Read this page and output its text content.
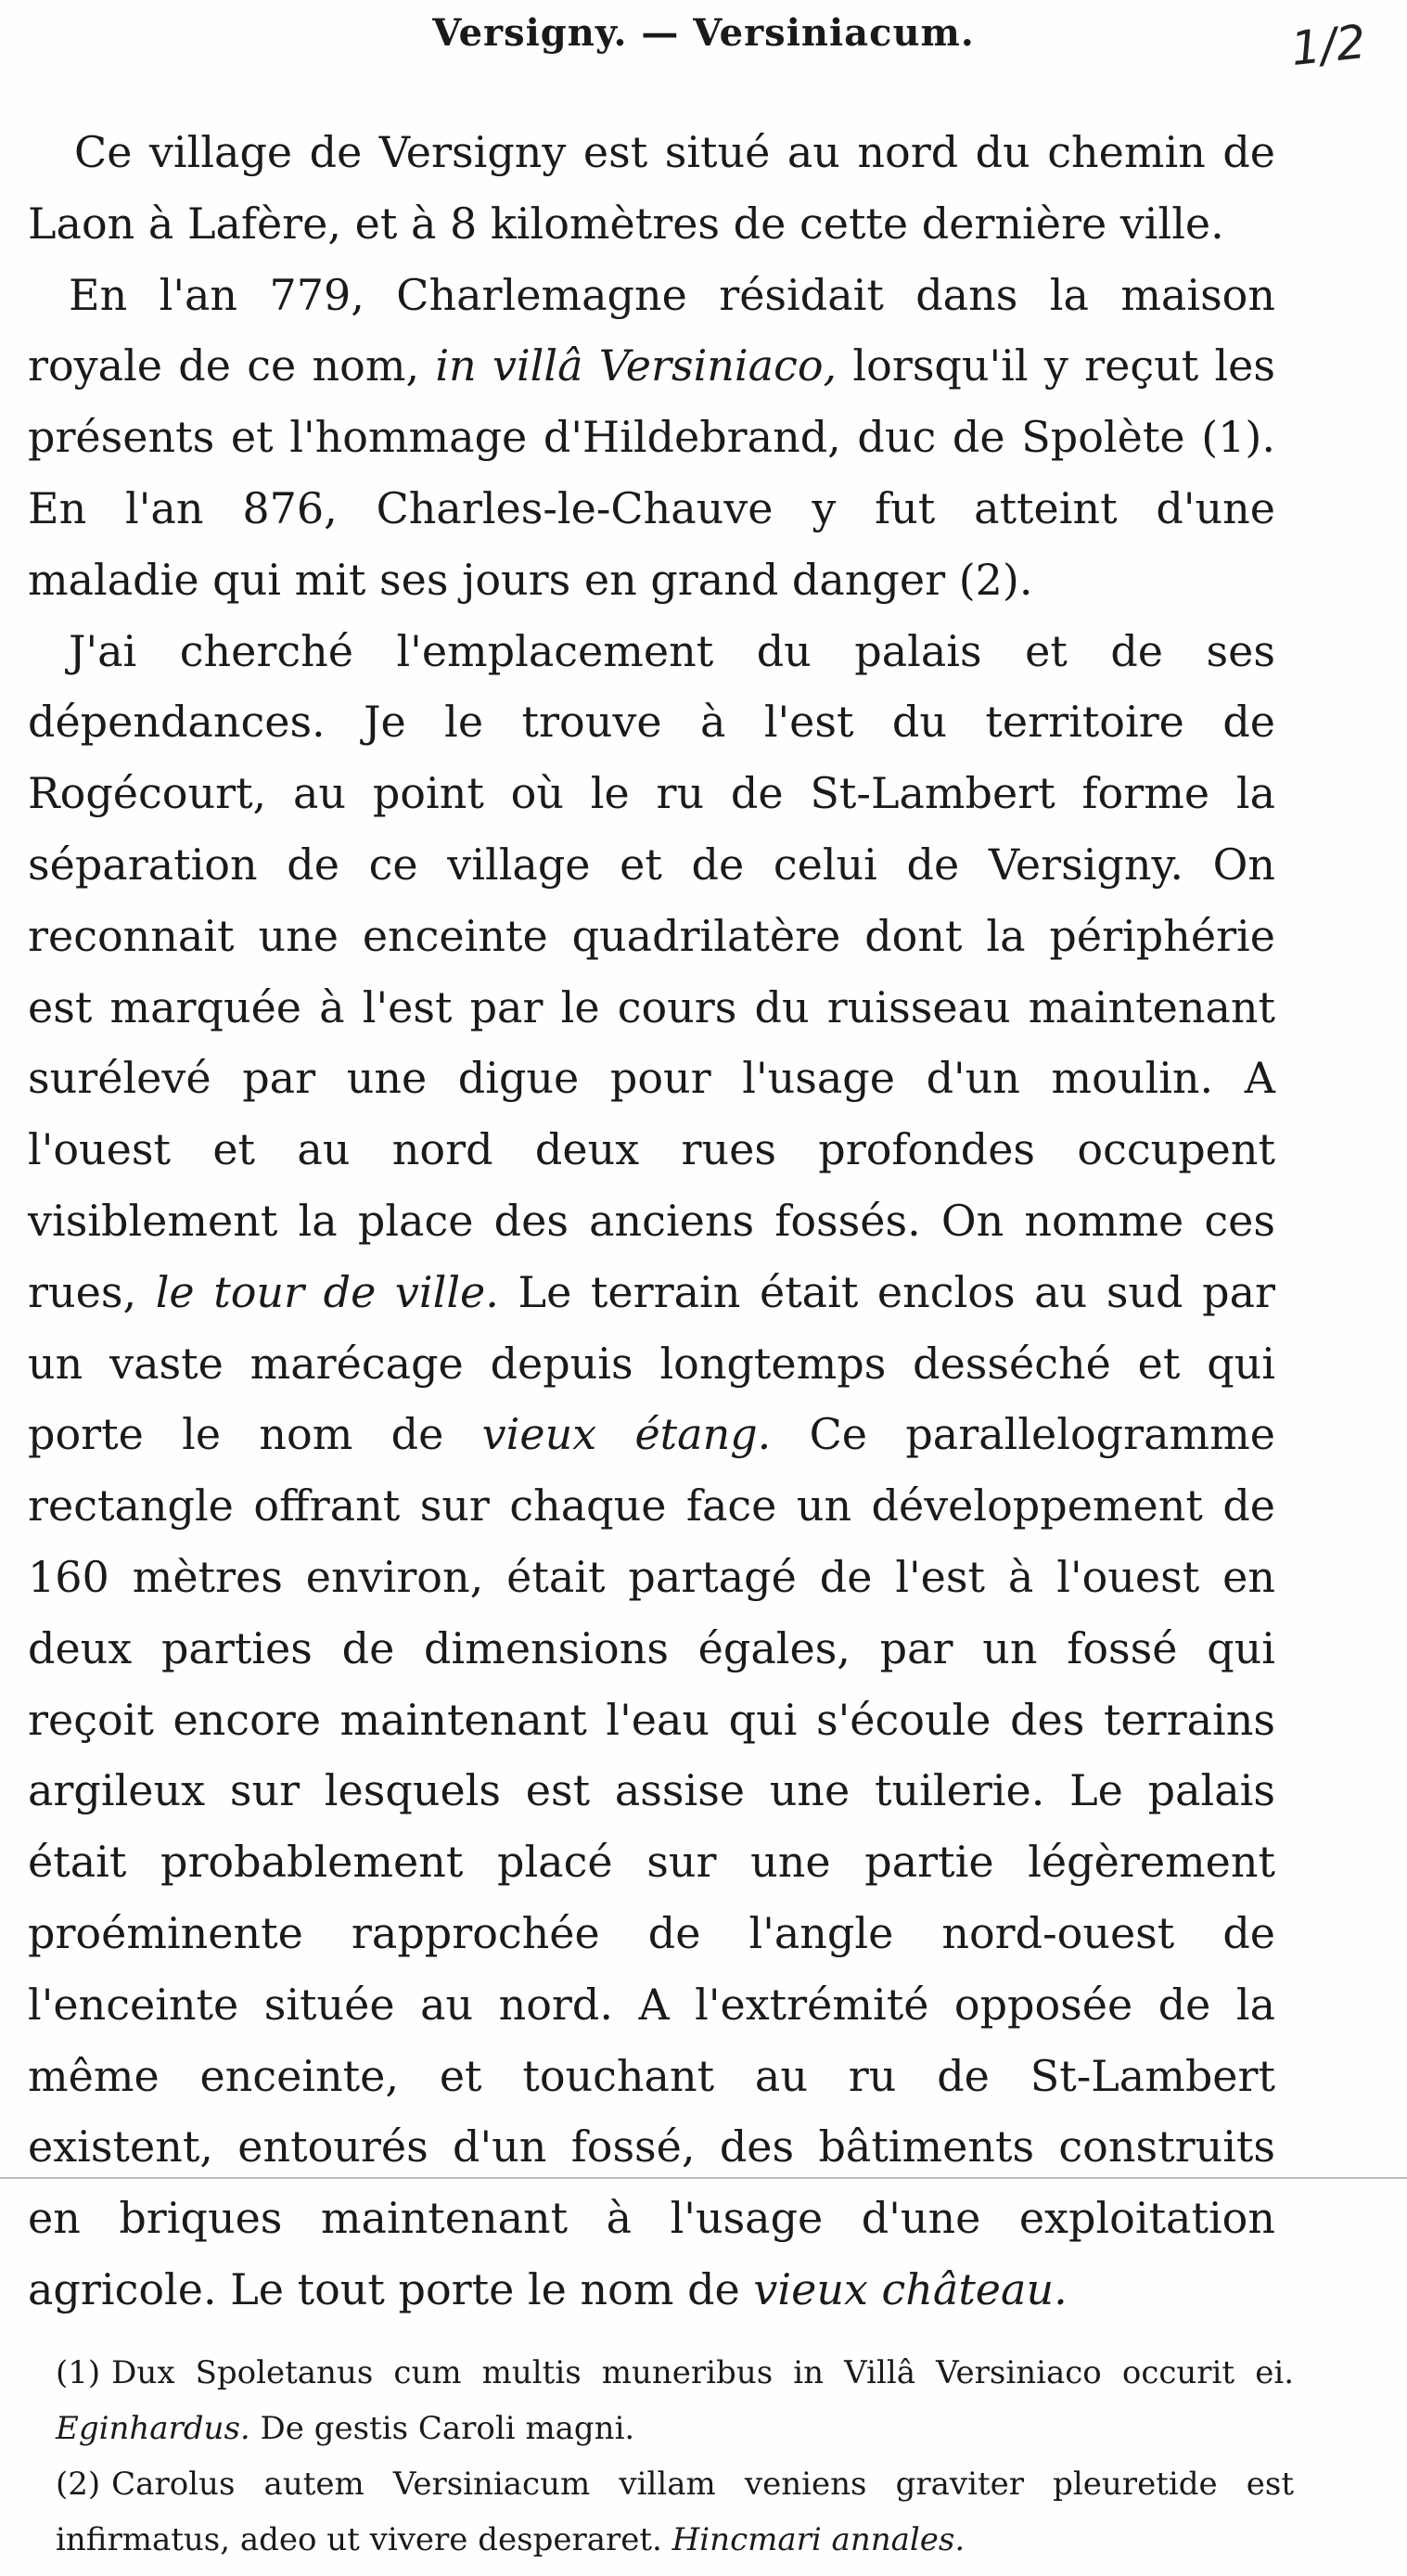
Versigny. — Versiniacum.	1/2

Ce village de Versigny est situé au nord du chemin de Laon à Lafère, et à 8 kilomètres de cette dernière ville.

En l'an 779, Charlemagne résidait dans la maison royale de ce nom, in villâ Versiniaco, lorsqu'il y reçut les présents et l'hommage d'Hildebrand, duc de Spolète (1). En l'an 876, Charles-le-Chauve y fut atteint d'une maladie qui mit ses jours en grand danger (2).

J'ai cherché l'emplacement du palais et de ses dépendances. Je le trouve à l'est du territoire de Rogécourt, au point où le ru de St-Lambert forme la séparation de ce village et de celui de Versigny. On reconnait une enceinte quadrilatère dont la périphérie est marquée à l'est par le cours du ruisseau maintenant surélevé par une digue pour l'usage d'un moulin. A l'ouest et au nord deux rues profondes occupent visiblement la place des anciens fossés. On nomme ces rues, le tour de ville. Le terrain était enclos au sud par un vaste marécage depuis longtemps desséché et qui porte le nom de vieux étang. Ce parallelogramme rectangle offrant sur chaque face un développement de 160 mètres environ, était partagé de l'est à l'ouest en deux parties de dimensions égales, par un fossé qui reçoit encore maintenant l'eau qui s'écoule des terrains argileux sur lesquels est assise une tuilerie. Le palais était probablement placé sur une partie légèrement proéminente rapprochée de l'angle nord-ouest de l'enceinte située au nord. A l'extrémité opposée de la même enceinte, et touchant au ru de St-Lambert existent, entourés d'un fossé, des bâtiments construits en briques maintenant à l'usage d'une exploitation agricole. Le tout porte le nom de vieux château.

(1) Dux Spoletanus cum multis muneribus in Villâ Versiniaco occurit ei. Eginhardus. De gestis Caroli magni.

(2) Carolus autem Versiniacum villam veniens graviter pleuretide est infirmatus, adeo ut vivere desperaret. Hincmari annales.
